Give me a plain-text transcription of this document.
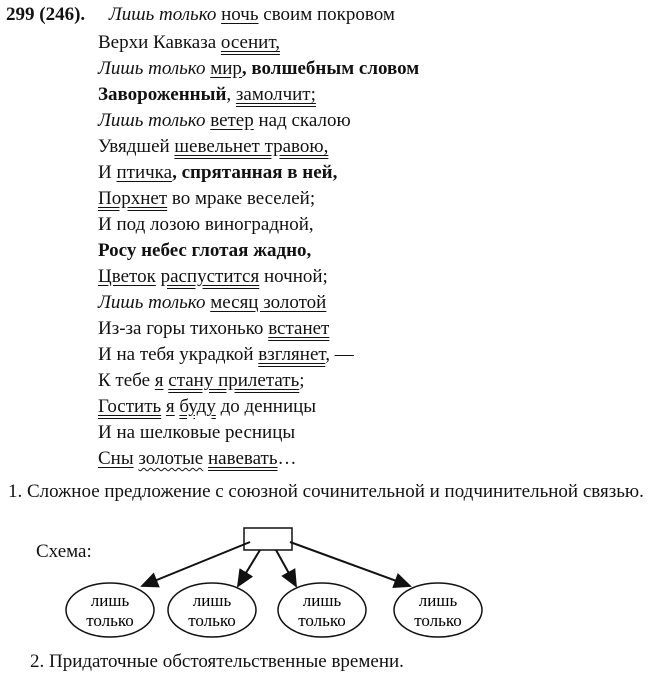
299 (246). Лишь только ночь своим покровом
Верхи Кавказа осенит,
Лишь только мир, волшебным словом
Завороженный, замолчит;
Лишь только ветер над скалою
Увядшей шевельнет травою,
И птичка, спрятанная в ней,
Порхнет во мраке веселей;
И под лозою виноградной,
Росу небес глотая жадно,
Цветок распустится ночной;
Лишь только месяц золотой
Из-за горы тихонько встанет
И на тебя украдкой взглянет, —
К тебе я стану прилетать;
Гостить я буду до денницы
И на шелковые ресницы
Сны золотые навевать…
1. Сложное предложение с союзной сочинительной и подчинительной связью.
Схема:
лишь
только
лишь
только
лишь
только
лишь
только
2. Придаточные обстоятельственные времени.
